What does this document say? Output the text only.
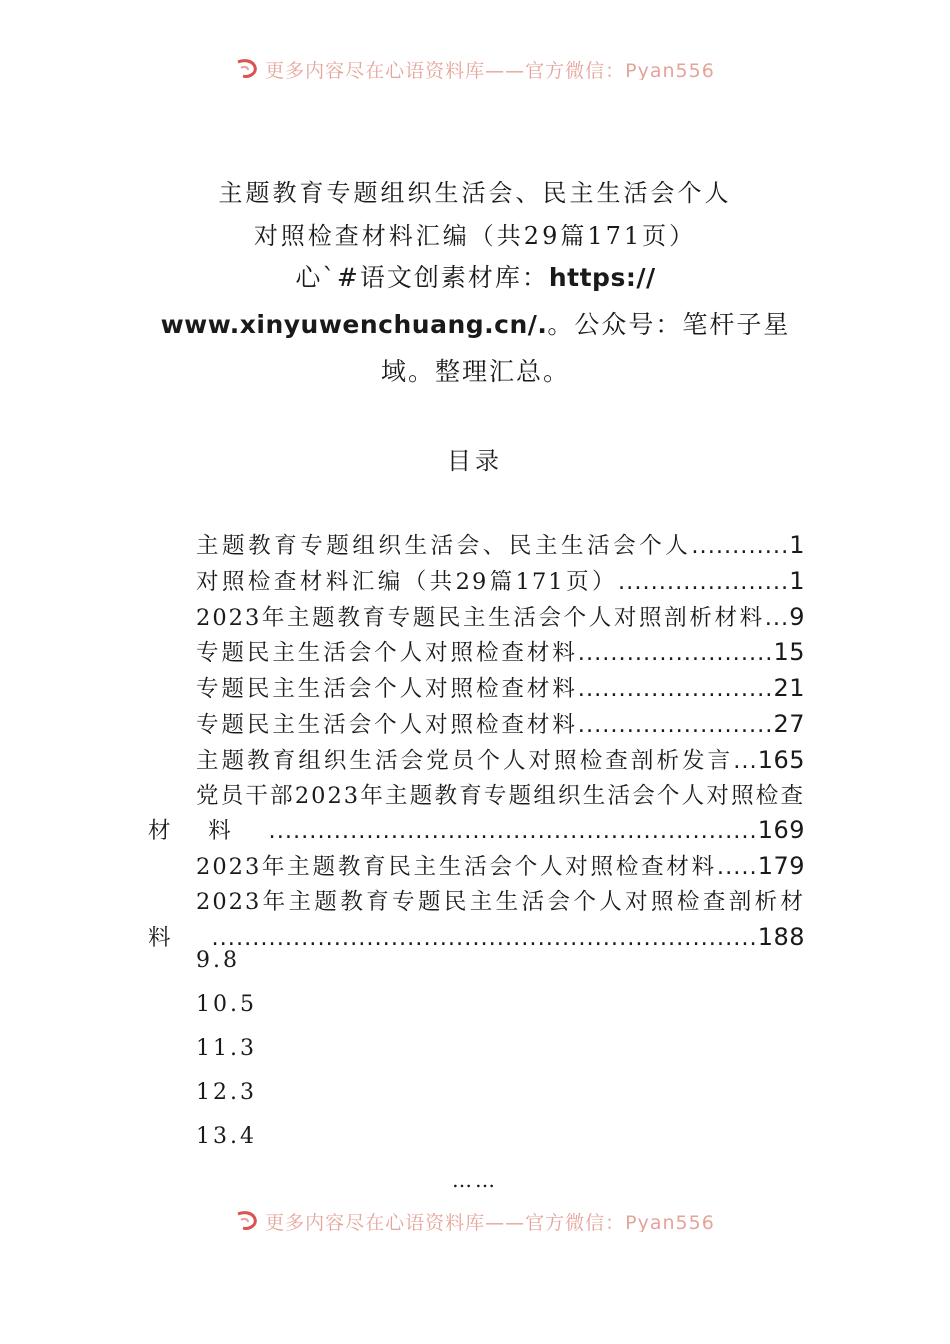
更多内容尽在心语资料库——官方微信：Pyan556
主题教育专题组织生活会、民主生活会个人
对照检查材料汇编（共29篇171页）
心`#语文创素材库：https://
www.xinyuwenchuang.cn/.。公众号：笔杆子星域。整理汇总。
目录
主题教育专题组织生活会、民主生活会个人............1
对照检查材料汇编（共29篇171页）.....................1
2023年主题教育专题民主生活会个人对照剖析材料...9
专题民主生活会个人对照检查材料........................15
专题民主生活会个人对照检查材料........................21
专题民主生活会个人对照检查材料........................27
主题教育组织生活会党员个人对照检查剖析发言...165
党员干部2023年主题教育专题组织生活会个人对照检查材料............................................................169
2023年主题教育民主生活会个人对照检查材料.....179
2023年主题教育专题民主生活会个人对照检查剖析材料...................................................................188
9.8
10.5
11.3
12.3
13.4
……
更多内容尽在心语资料库——官方微信：Pyan556
